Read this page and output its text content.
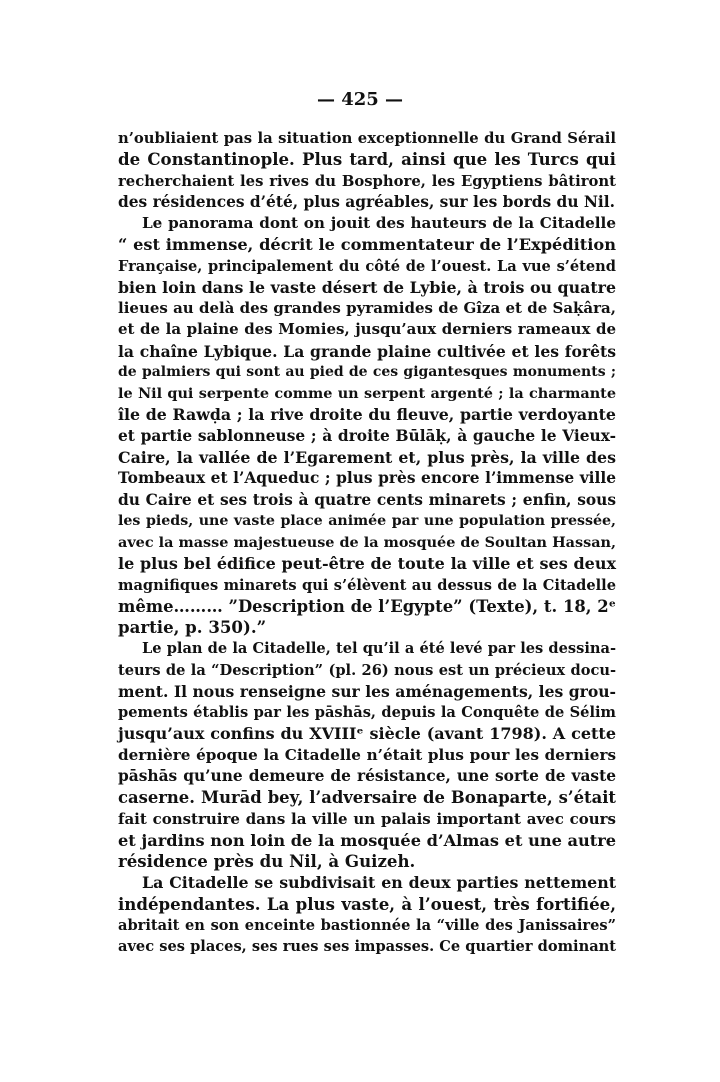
— 425 —
n’oubliaient pas la situation exceptionnelle du Grand Sérail
de Constantinople. Plus tard, ainsi que les Turcs qui
recherchaient les rives du Bosphore, les Egyptiens bâtiront
des résidences d’été, plus agréables, sur les bords du Nil.
Le panorama dont on jouit des hauteurs de la Citadelle
“ est immense, décrit le commentateur de l’Expédition
Française, principalement du côté de l’ouest. La vue s’étend
bien loin dans le vaste désert de Lybie, à trois ou quatre
lieues au delà des grandes pyramides de Gîza et de Saḳâra,
et de la plaine des Momies, jusqu’aux derniers rameaux de
la chaîne Lybique. La grande plaine cultivée et les forêts
de palmiers qui sont au pied de ces gigantesques monuments ;
le Nil qui serpente comme un serpent argenté ; la charmante
île de Rawḍa ; la rive droite du fleuve, partie verdoyante
et partie sablonneuse ; à droite Būlāḳ, à gauche le Vieux-
Caire, la vallée de l’Egarement et, plus près, la ville des
Tombeaux et l’Aqueduc ; plus près encore l’immense ville
du Caire et ses trois à quatre cents minarets ; enfin, sous
les pieds, une vaste place animée par une population pressée,
avec la masse majestueuse de la mosquée de Soultan Hassan,
le plus bel édifice peut-être de toute la ville et ses deux
magnifiques minarets qui s’élèvent au dessus de la Citadelle
même……… ”Description de l’Egypte” (Texte), t. 18, 2ᵉ
partie, p. 350).”
Le plan de la Citadelle, tel qu’il a été levé par les dessina-
teurs de la “Description” (pl. 26) nous est un précieux docu-
ment. Il nous renseigne sur les aménagements, les grou-
pements établis par les pāshās, depuis la Conquête de Sélim
jusqu’aux confins du XVIIIᵉ siècle (avant 1798). A cette
dernière époque la Citadelle n’était plus pour les derniers
pāshās qu’une demeure de résistance, une sorte de vaste
caserne. Murād bey, l’adversaire de Bonaparte, s’était
fait construire dans la ville un palais important avec cours
et jardins non loin de la mosquée d’Almas et une autre
résidence près du Nil, à Guizeh.
La Citadelle se subdivisait en deux parties nettement
indépendantes. La plus vaste, à l’ouest, très fortifiée,
abritait en son enceinte bastionnée la “ville des Janissaires”
avec ses places, ses rues ses impasses. Ce quartier dominant
